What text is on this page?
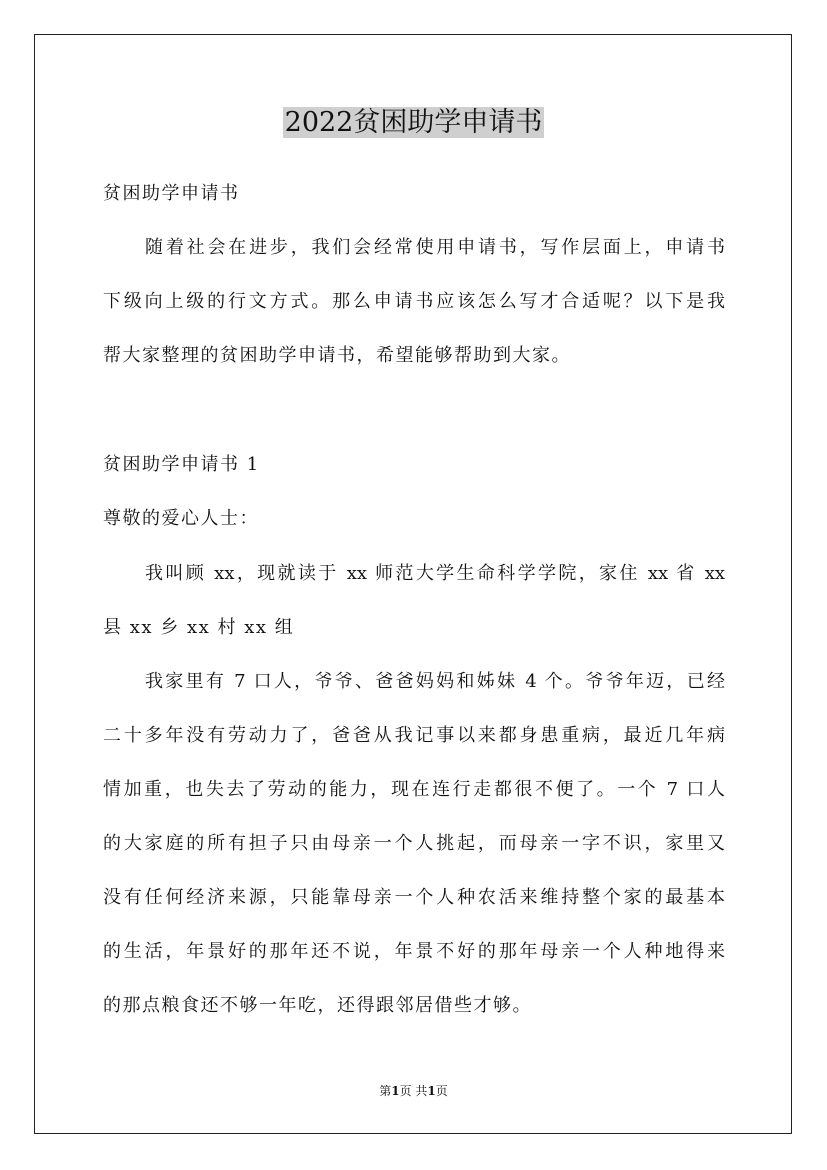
2022贫困助学申请书
贫困助学申请书
随着社会在进步，我们会经常使用申请书，写作层面上，申请书
下级向上级的行文方式。那么申请书应该怎么写才合适呢？以下是我
帮大家整理的贫困助学申请书，希望能够帮助到大家。
贫困助学申请书 1
尊敬的爱心人士：
我叫顾 xx，现就读于 xx 师范大学生命科学学院，家住 xx 省 xx
县 xx 乡 xx 村 xx 组
我家里有 7 口人，爷爷、爸爸妈妈和姊妹 4 个。爷爷年迈，已经
二十多年没有劳动力了，爸爸从我记事以来都身患重病，最近几年病
情加重，也失去了劳动的能力，现在连行走都很不便了。一个 7 口人
的大家庭的所有担子只由母亲一个人挑起，而母亲一字不识，家里又
没有任何经济来源，只能靠母亲一个人种农活来维持整个家的最基本
的生活，年景好的那年还不说，年景不好的那年母亲一个人种地得来
的那点粮食还不够一年吃，还得跟邻居借些才够。
第1页 共1页
